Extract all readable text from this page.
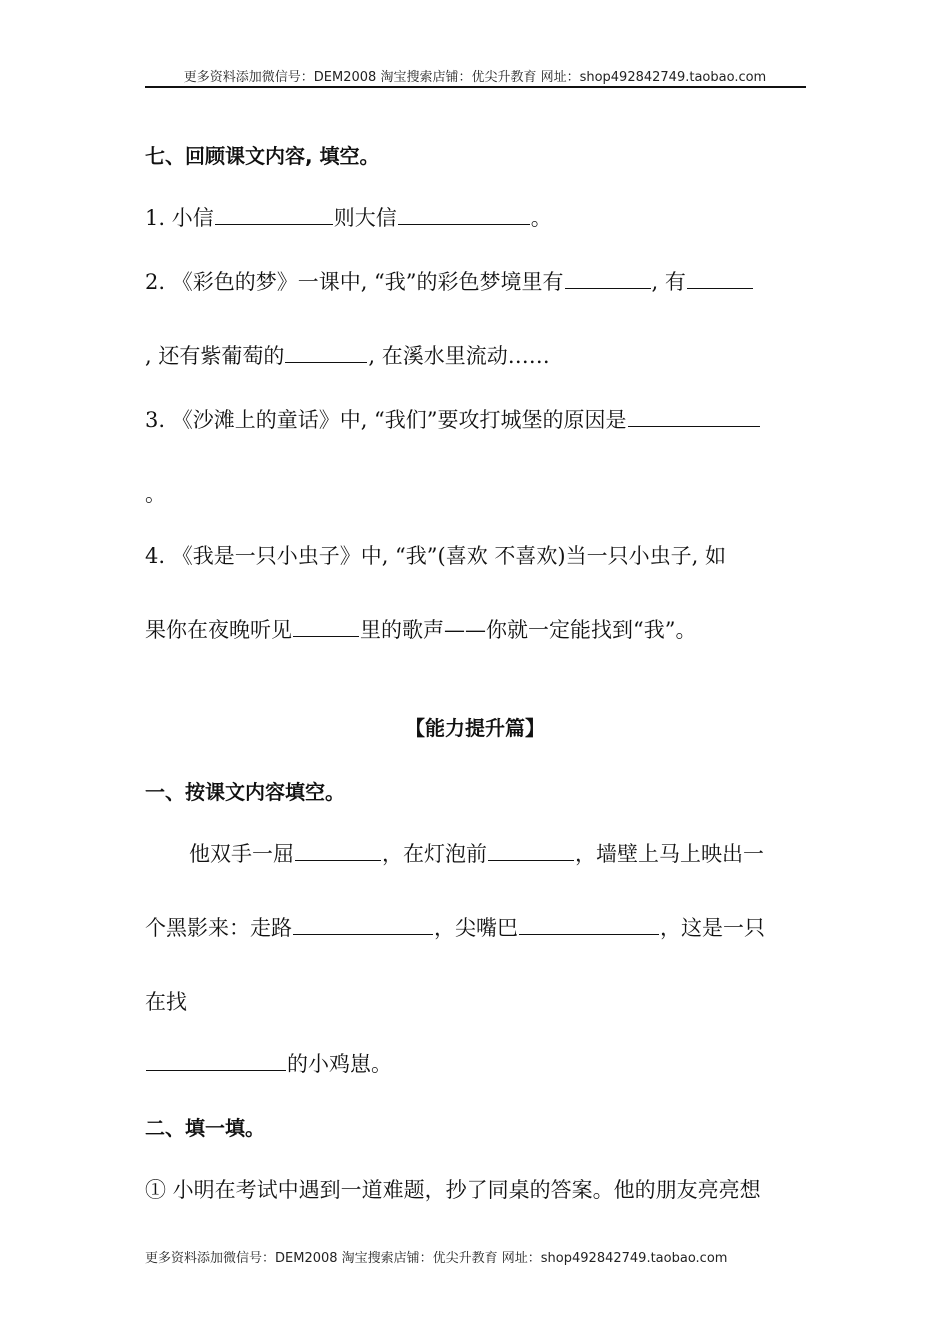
更多资料添加微信号：DEM2008 淘宝搜索店铺：优尖升教育 网址：shop492842749.taobao.com
七、回顾课文内容, 填空。
1. 小信	则大信	。
2. 《彩色的梦》一课中, “我”的彩色梦境里有	, 有
, 还有紫葡萄的	, 在溪水里流动……
3. 《沙滩上的童话》中, “我们”要攻打城堡的原因是
。
4. 《我是一只小虫子》中, “我”(喜欢 不喜欢)当一只小虫子, 如
果你在夜晚听见	里的歌声——你就一定能找到“我”。
【能力提升篇】
一、按课文内容填空。
他双手一屈	，在灯泡前	，墙壁上马上映出一
个黑影来：走路	，尖嘴巴	，这是一只
在找
的小鸡崽。
二、填一填。
① 小明在考试中遇到一道难题，抄了同桌的答案。他的朋友亮亮想
更多资料添加微信号：DEM2008 淘宝搜索店铺：优尖升教育 网址：shop492842749.taobao.com
